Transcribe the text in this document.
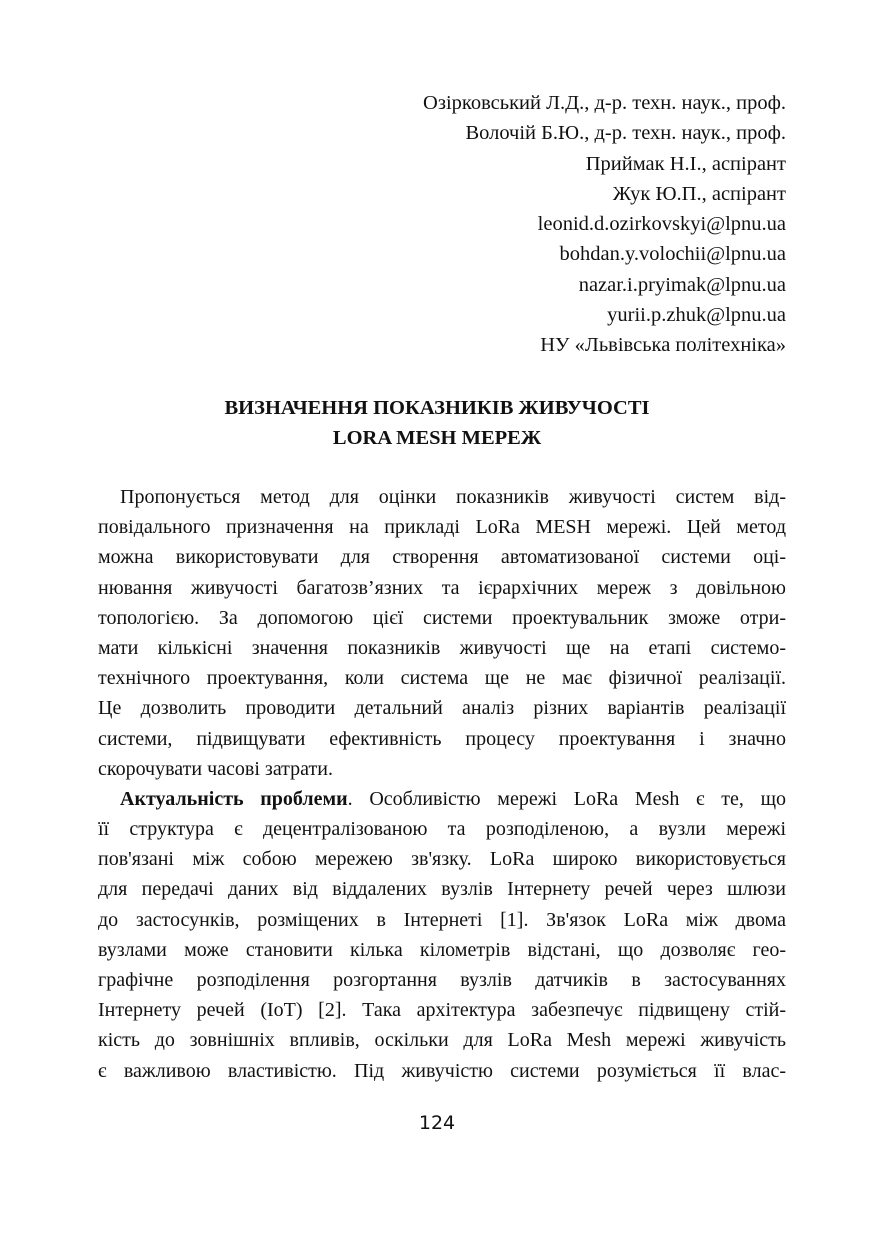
Озірковський Л.Д., д-р. техн. наук., проф.
Волочій Б.Ю., д-р. техн. наук., проф.
Приймак Н.І., аспірант
Жук Ю.П., аспірант
leonid.d.ozirkovskyi@lpnu.ua
bohdan.y.volochii@lpnu.ua
nazar.i.pryimak@lpnu.ua
yurii.p.zhuk@lpnu.ua
НУ «Львівська політехніка»
ВИЗНАЧЕННЯ ПОКАЗНИКІВ ЖИВУЧОСТІ
LORA MESH МЕРЕЖ
Пропонується метод для оцінки показників живучості систем від-
повідального призначення на прикладі LoRa MESH мережі. Цей метод
можна використовувати для створення автоматизованої системи оці-
нювання живучості багатозв’язних та ієрархічних мереж з довільною
топологією. За допомогою цієї системи проектувальник зможе отри-
мати кількісні значення показників живучості ще на етапі системо-
технічного проектування, коли система ще не має фізичної реалізації.
Це дозволить проводити детальний аналіз різних варіантів реалізації
системи, підвищувати ефективність процесу проектування і значно
скорочувати часові затрати.
Актуальність проблеми. Особливістю мережі LoRa Mesh є те, що
її структура є децентралізованою та розподіленою, а вузли мережі
пов'язані між собою мережею зв'язку. LoRa широко використовується
для передачі даних від віддалених вузлів Інтернету речей через шлюзи
до застосунків, розміщених в Інтернеті [1]. Зв'язок LoRa між двома
вузлами може становити кілька кілометрів відстані, що дозволяє гео-
графічне розподілення розгортання вузлів датчиків в застосуваннях
Інтернету речей (IoT) [2]. Така архітектура забезпечує підвищену стій-
кість до зовнішніх впливів, оскільки для LoRa Mesh мережі живучість
є важливою властивістю. Під живучістю системи розуміється її влас-
124
